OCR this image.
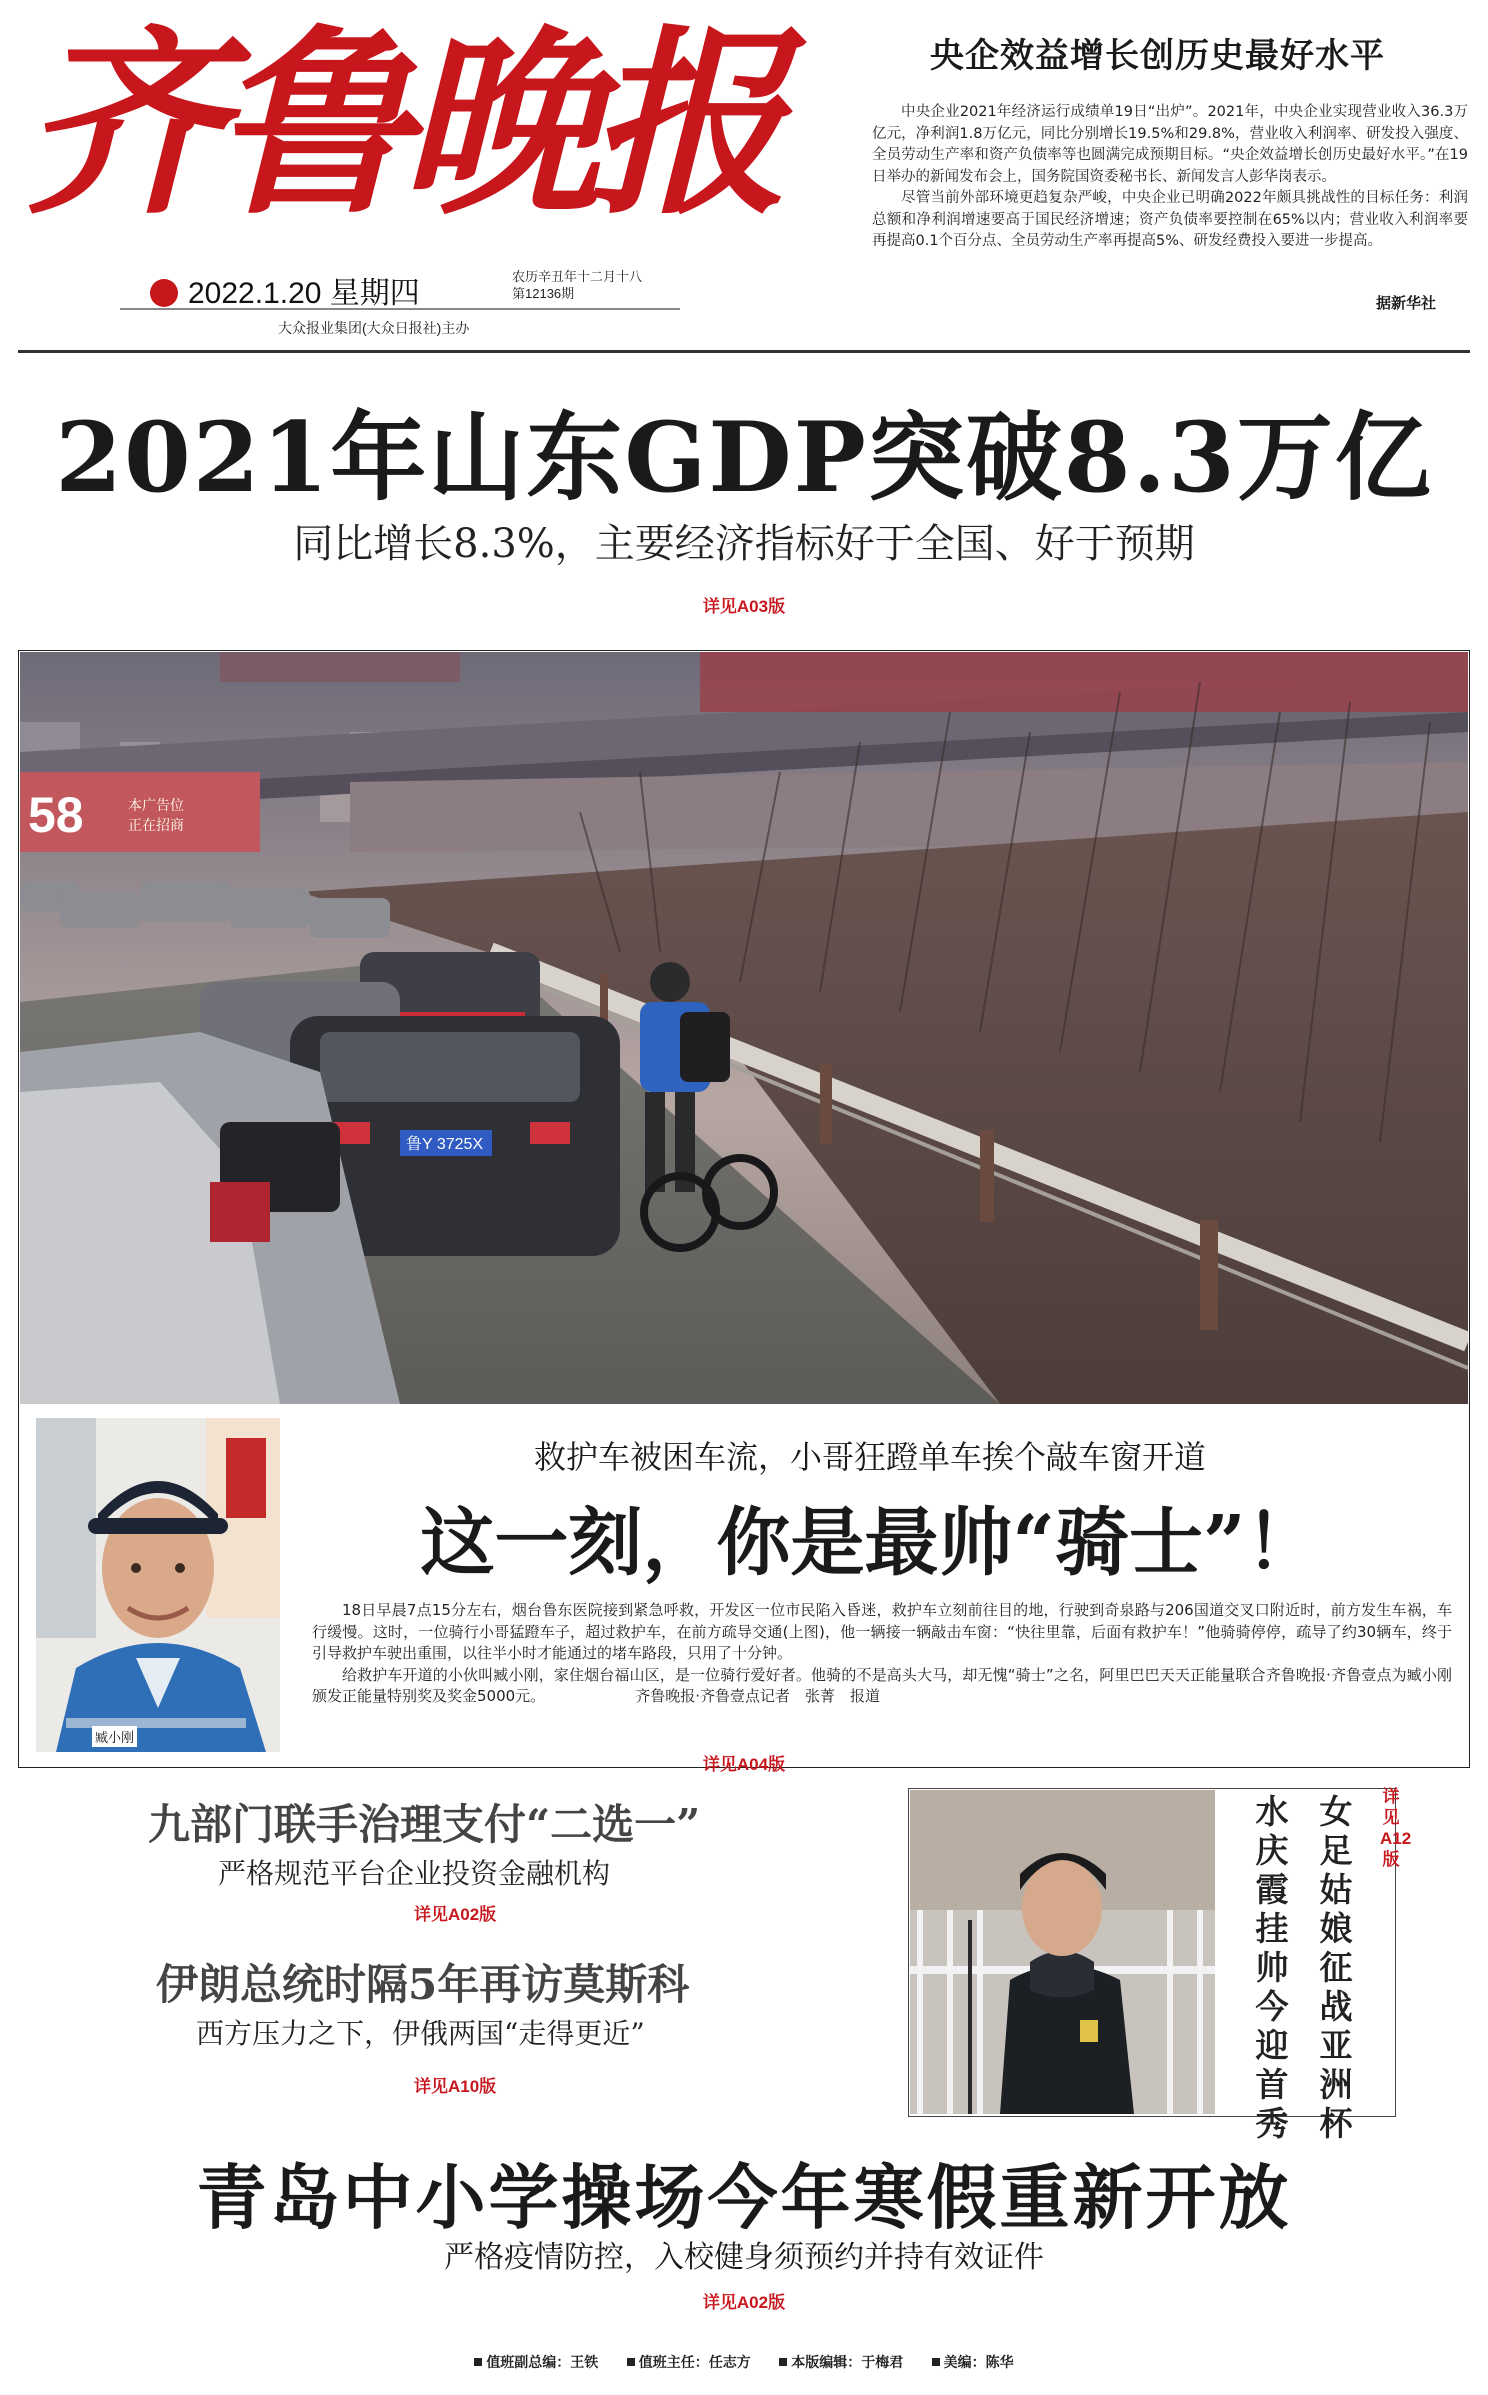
齐鲁晚报
2022.1.20 星期四
农历辛丑年十二月十八
第12136期
大众报业集团(大众日报社)主办
央企效益增长创历史最好水平

中央企业2021年经济运行成绩单19日“出炉”。2021年，中央企业实现营业收入36.3万亿元，净利润1.8万亿元，同比分别增长19.5%和29.8%，营业收入利润率、研发投入强度、全员劳动生产率和资产负债率等也圆满完成预期目标。“央企效益增长创历史最好水平。”在19日举办的新闻发布会上，国务院国资委秘书长、新闻发言人彭华岗表示。

尽管当前外部环境更趋复杂严峻，中央企业已明确2022年颇具挑战性的目标任务：利润总额和净利润增速要高于国民经济增速；资产负债率要控制在65%以内；营业收入利润率要再提高0.1个百分点、全员劳动生产率再提高5%、研发经费投入要进一步提高。

据新华社
2021年山东GDP突破8.3万亿
同比增长8.3%，主要经济指标好于全国、好于预期
详见A03版
58	本广告位
正在招商
鲁Y 3725X
臧小刚
救护车被困车流，小哥狂蹬单车挨个敲车窗开道
这一刻，你是最帅“骑士”！

18日早晨7点15分左右，烟台鲁东医院接到紧急呼救，开发区一位市民陷入昏迷，救护车立刻前往目的地，行驶到奇泉路与206国道交叉口附近时，前方发生车祸，车行缓慢。这时，一位骑行小哥猛蹬车子，超过救护车，在前方疏导交通(上图)，他一辆接一辆敲击车窗：“快往里靠，后面有救护车！”他骑骑停停，疏导了约30辆车，终于引导救护车驶出重围，以往半小时才能通过的堵车路段，只用了十分钟。

给救护车开道的小伙叫臧小刚，家住烟台福山区，是一位骑行爱好者。他骑的不是高头大马，却无愧“骑士”之名，阿里巴巴天天正能量联合齐鲁晚报·齐鲁壹点为臧小刚颁发正能量特别奖及奖金5000元。	齐鲁晚报·齐鲁壹点记者　张菁　报道

详见A04版
九部门联手治理支付“二选一”
严格规范平台企业投资金融机构
详见A02版
伊朗总统时隔5年再访莫斯科
西方压力之下，伊俄两国“走得更近”
详见A10版
女足姑娘征战亚洲杯
水庆霞挂帅今迎首秀
详见A12版
青岛中小学操场今年寒假重新开放
严格疫情防控，入校健身须预约并持有效证件
详见A02版
值班副总编：王铁	值班主任：任志方	本版编辑：于梅君	美编：陈华
